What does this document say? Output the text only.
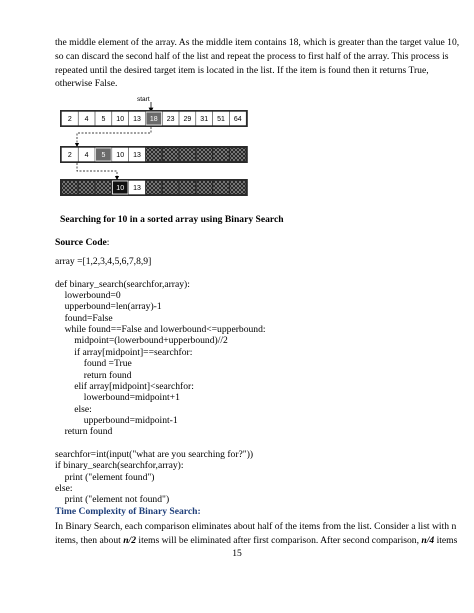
the middle element of the array. As the middle item contains 18, which is greater than the target value 10,
so can discard the second half of the list and repeat the process to first half of the array. This process is
repeated until the desired target item is located in the list. If the item is found then it returns True,
otherwise False.
start
2 4 5 10 13 18 23 29 31 51 64
2 4 5 10 13
10 13
Searching for 10 in a sorted array using Binary Search
Source Code:
array =[1,2,3,4,5,6,7,8,9]
def binary_search(searchfor,array):
lowerbound=0
upperbound=len(array)-1
found=False
while found==False and lowerbound<=upperbound:
midpoint=(lowerbound+upperbound)//2
if array[midpoint]==searchfor:
found =True
return found
elif array[midpoint]<searchfor:
lowerbound=midpoint+1
else:
upperbound=midpoint-1
return found
searchfor=int(input("what are you searching for?"))
if binary_search(searchfor,array):
print ("element found")
else:
print ("element not found")
Time Complexity of Binary Search:
In Binary Search, each comparison eliminates about half of the items from the list. Consider a list with n
items, then about n/2 items will be eliminated after first comparison. After second comparison, n/4 items
15
